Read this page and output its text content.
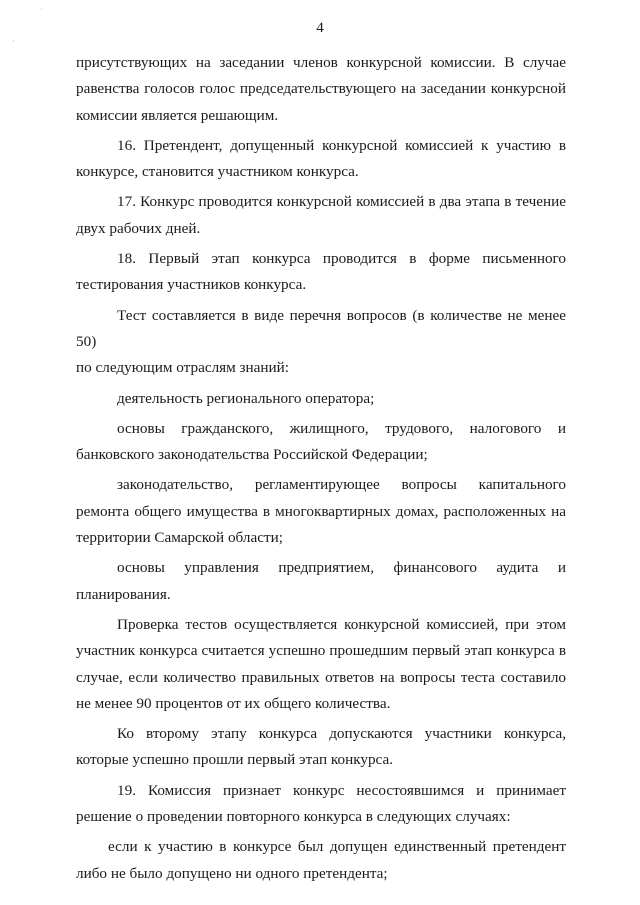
·
·
4

присутствующих на заседании членов конкурсной комиссии. В случае

равенства голосов голос председательствующего на заседании конкурсной

комиссии является решающим.

16. Претендент, допущенный конкурсной комиссией к участию в

конкурсе, становится участником конкурса.

17. Конкурс проводится конкурсной комиссией в два этапа в течение

двух рабочих дней.

18. Первый этап конкурса проводится в форме письменного

тестирования участников конкурса.

Тест составляется в виде перечня вопросов (в количестве не менее 50)

по следующим отраслям знаний:

деятельность регионального оператора;

основы гражданского, жилищного, трудового, налогового и

банковского законодательства Российской Федерации;

законодательство, регламентирующее вопросы капитального

ремонта общего имущества в многоквартирных домах, расположенных на

территории Самарской области;

основы управления предприятием, финансового аудита и

планирования.

Проверка тестов осуществляется конкурсной комиссией, при этом

участник конкурса считается успешно прошедшим первый этап конкурса в

случае, если количество правильных ответов на вопросы теста составило

не менее 90 процентов от их общего количества.

Ко второму этапу конкурса допускаются участники конкурса,

которые успешно прошли первый этап конкурса.

19. Комиссия признает конкурс несостоявшимся и принимает

решение о проведении повторного конкурса в следующих случаях:

если к участию в конкурсе был допущен единственный претендент

либо не было допущено ни одного претендента;
